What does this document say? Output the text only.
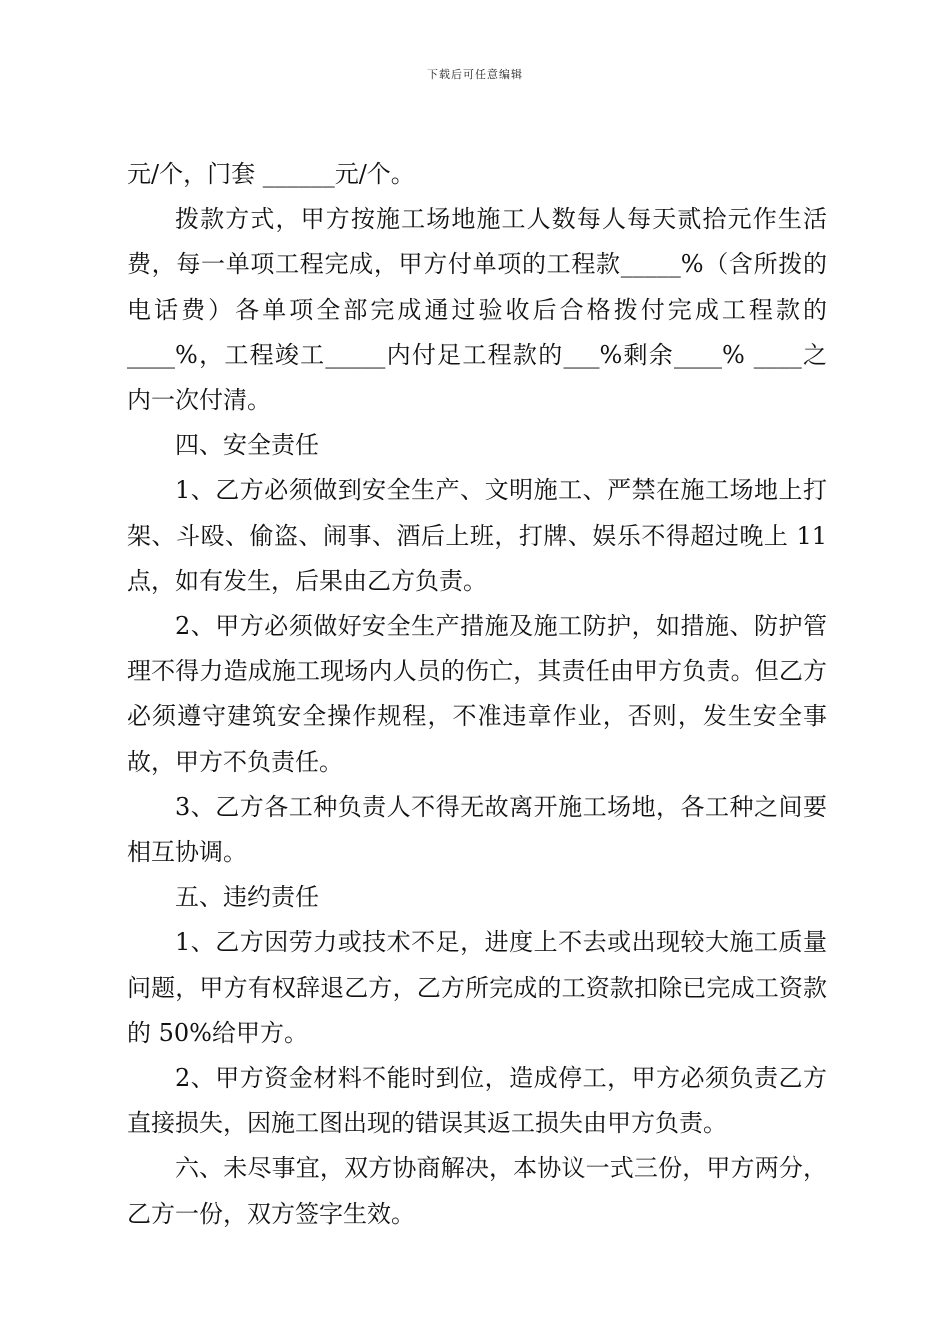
下载后可任意编辑

元/个，门套 ______元/个。

拨款方式，甲方按施工场地施工人数每人每天贰拾元作生活费，每一单项工程完成，甲方付单项的工程款_____%（含所拨的电话费）各单项全部完成通过验收后合格拨付完成工程款的 ____%，工程竣工_____内付足工程款的___%剩余____% ____之内一次付清。

四、安全责任

1、乙方必须做到安全生产、文明施工、严禁在施工场地上打架、斗殴、偷盗、闹事、酒后上班，打牌、娱乐不得超过晚上 11 点，如有发生，后果由乙方负责。

2、甲方必须做好安全生产措施及施工防护，如措施、防护管理不得力造成施工现场内人员的伤亡，其责任由甲方负责。但乙方必须遵守建筑安全操作规程，不准违章作业，否则，发生安全事故，甲方不负责任。

3、乙方各工种负责人不得无故离开施工场地，各工种之间要相互协调。

五、违约责任

1、乙方因劳力或技术不足，进度上不去或出现较大施工质量问题，甲方有权辞退乙方，乙方所完成的工资款扣除已完成工资款的 50%给甲方。

2、甲方资金材料不能时到位，造成停工，甲方必须负责乙方直接损失，因施工图出现的错误其返工损失由甲方负责。

六、未尽事宜，双方协商解决，本协议一式三份，甲方两分，乙方一份，双方签字生效。
